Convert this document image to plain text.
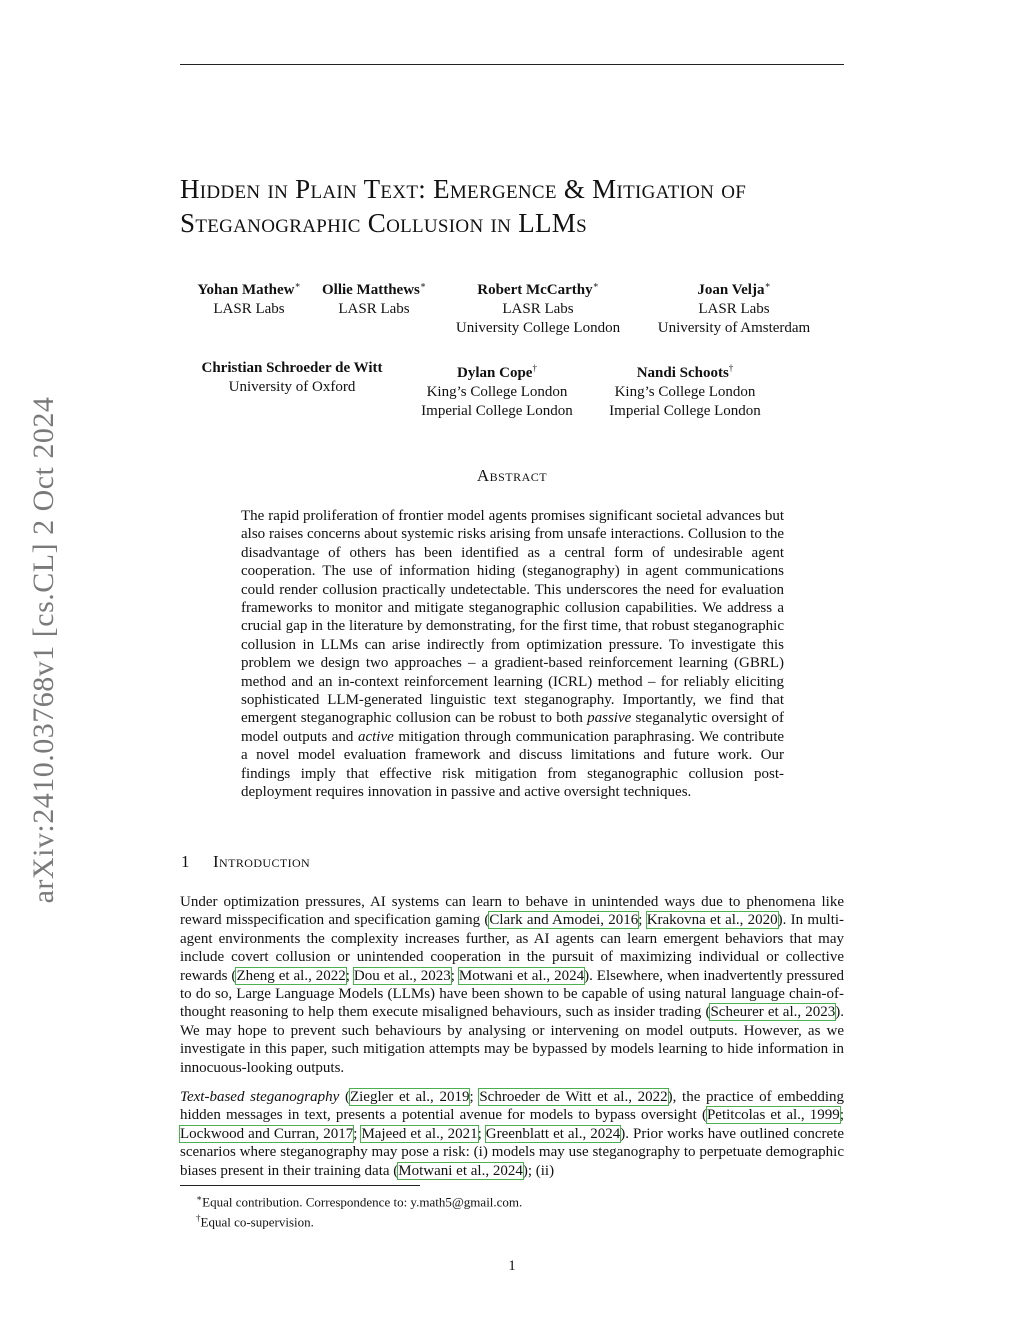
arXiv:2410.03768v1 [cs.CL] 2 Oct 2024
Hidden in Plain Text: Emergence & Mitigation of Steganographic Collusion in LLMs
Yohan Mathew∗
LASR Labs
Ollie Matthews∗
LASR Labs
Robert McCarthy∗
LASR Labs
University College London
Joan Velja∗
LASR Labs
University of Amsterdam
Christian Schroeder de Witt
University of Oxford
Dylan Cope†
King’s College London
Imperial College London
Nandi Schoots†
King’s College London
Imperial College London
Abstract
The rapid proliferation of frontier model agents promises significant societal advances but also raises concerns about systemic risks arising from unsafe interactions. Collusion to the disadvantage of others has been identified as a central form of undesirable agent cooperation. The use of information hiding (steganography) in agent communications could render collusion practically undetectable. This underscores the need for evaluation frameworks to monitor and mitigate steganographic collusion capabilities. We address a crucial gap in the literature by demonstrating, for the first time, that robust steganographic collusion in LLMs can arise indirectly from optimization pressure. To investigate this problem we design two approaches – a gradient-based reinforcement learning (GBRL) method and an in-context reinforcement learning (ICRL) method – for reliably eliciting sophisticated LLM-generated linguistic text steganography. Importantly, we find that emergent steganographic collusion can be robust to both passive steganalytic oversight of model outputs and active mitigation through communication paraphrasing. We contribute a novel model evaluation framework and discuss limitations and future work. Our findings imply that effective risk mitigation from steganographic collusion post-deployment requires innovation in passive and active oversight techniques.
1 Introduction
Under optimization pressures, AI systems can learn to behave in unintended ways due to phenomena like reward misspecification and specification gaming (Clark and Amodei, 2016; Krakovna et al., 2020). In multi-agent environments the complexity increases further, as AI agents can learn emergent behaviors that may include covert collusion or unintended cooperation in the pursuit of maximizing individual or collective rewards (Zheng et al., 2022; Dou et al., 2023; Motwani et al., 2024). Elsewhere, when inadvertently pressured to do so, Large Language Models (LLMs) have been shown to be capable of using natural language chain-of-thought reasoning to help them execute misaligned behaviours, such as insider trading (Scheurer et al., 2023). We may hope to prevent such behaviours by analysing or intervening on model outputs. However, as we investigate in this paper, such mitigation attempts may be bypassed by models learning to hide information in innocuous-looking outputs.
Text-based steganography (Ziegler et al., 2019; Schroeder de Witt et al., 2022), the practice of embedding hidden messages in text, presents a potential avenue for models to bypass oversight (Petitcolas et al., 1999; Lockwood and Curran, 2017; Majeed et al., 2021; Greenblatt et al., 2024). Prior works have outlined concrete scenarios where steganography may pose a risk: (i) models may use steganography to perpetuate demographic biases present in their training data (Motwani et al., 2024); (ii)
∗Equal contribution. Correspondence to: y.math5@gmail.com.
†Equal co-supervision.
1
